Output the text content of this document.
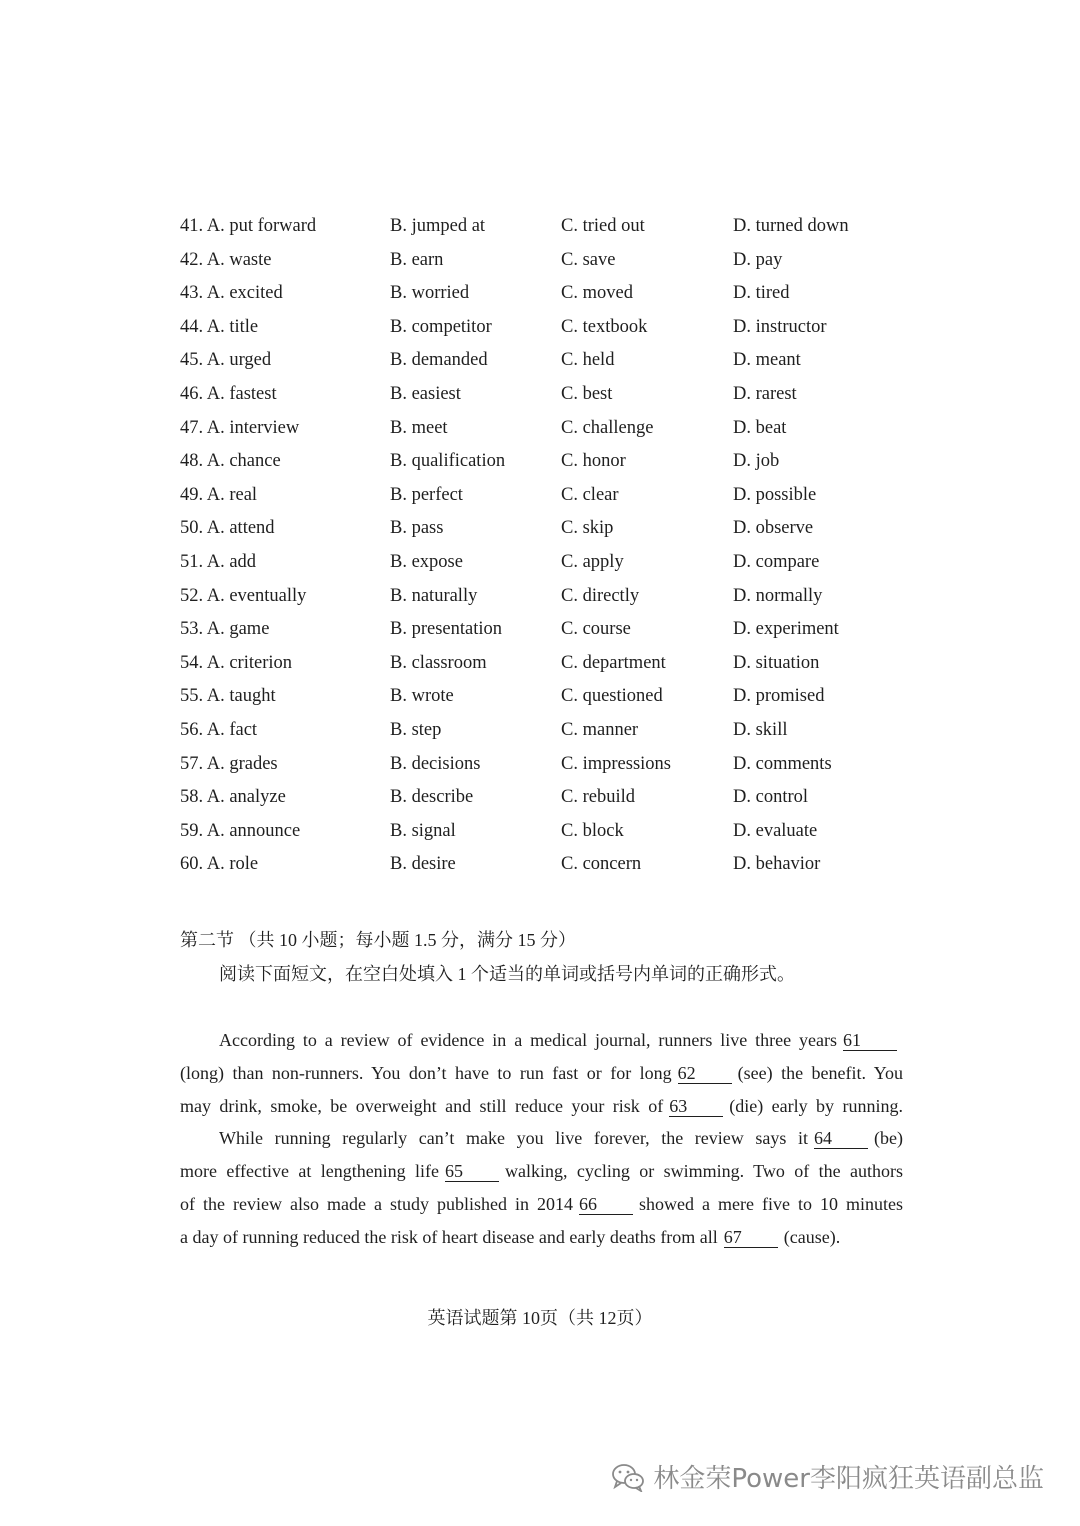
41. A. put forward	B. jumped at	C. tried out	D. turned down
42. A. waste	B. earn	C. save	D. pay
43. A. excited	B. worried	C. moved	D. tired
44. A. title	B. competitor	C. textbook	D. instructor
45. A. urged	B. demanded	C. held	D. meant
46. A. fastest	B. easiest	C. best	D. rarest
47. A. interview	B. meet	C. challenge	D. beat
48. A. chance	B. qualification	C. honor	D. job
49. A. real	B. perfect	C. clear	D. possible
50. A. attend	B. pass	C. skip	D. observe
51. A. add	B. expose	C. apply	D. compare
52. A. eventually	B. naturally	C. directly	D. normally
53. A. game	B. presentation	C. course	D. experiment
54. A. criterion	B. classroom	C. department	D. situation
55. A. taught	B. wrote	C. questioned	D. promised
56. A. fact	B. step	C. manner	D. skill
57. A. grades	B. decisions	C. impressions	D. comments
58. A. analyze	B. describe	C. rebuild	D. control
59. A. announce	B. signal	C. block	D. evaluate
60. A. role	B. desire	C. concern	D. behavior
第二节 （共 10 小题；每小题 1.5 分，满分 15 分）
阅读下面短文，在空白处填入 1 个适当的单词或括号内单词的正确形式。
According to a review of evidence in a medical journal, runners live three years 61
(long) than non-runners. You don’t have to run fast or for long 62 (see) the benefit. You
may drink, smoke, be overweight and still reduce your risk of 63 (die) early by running.
While running regularly can’t make you live forever, the review says it 64 (be)
more effective at lengthening life 65 walking, cycling or swimming. Two of the authors
of the review also made a study published in 2014 66 showed a mere five to 10 minutes
a day of running reduced the risk of heart disease and early deaths from all 67 (cause).
英语试题第 10页（共 12页）
林金荣Power李阳疯狂英语副总监
